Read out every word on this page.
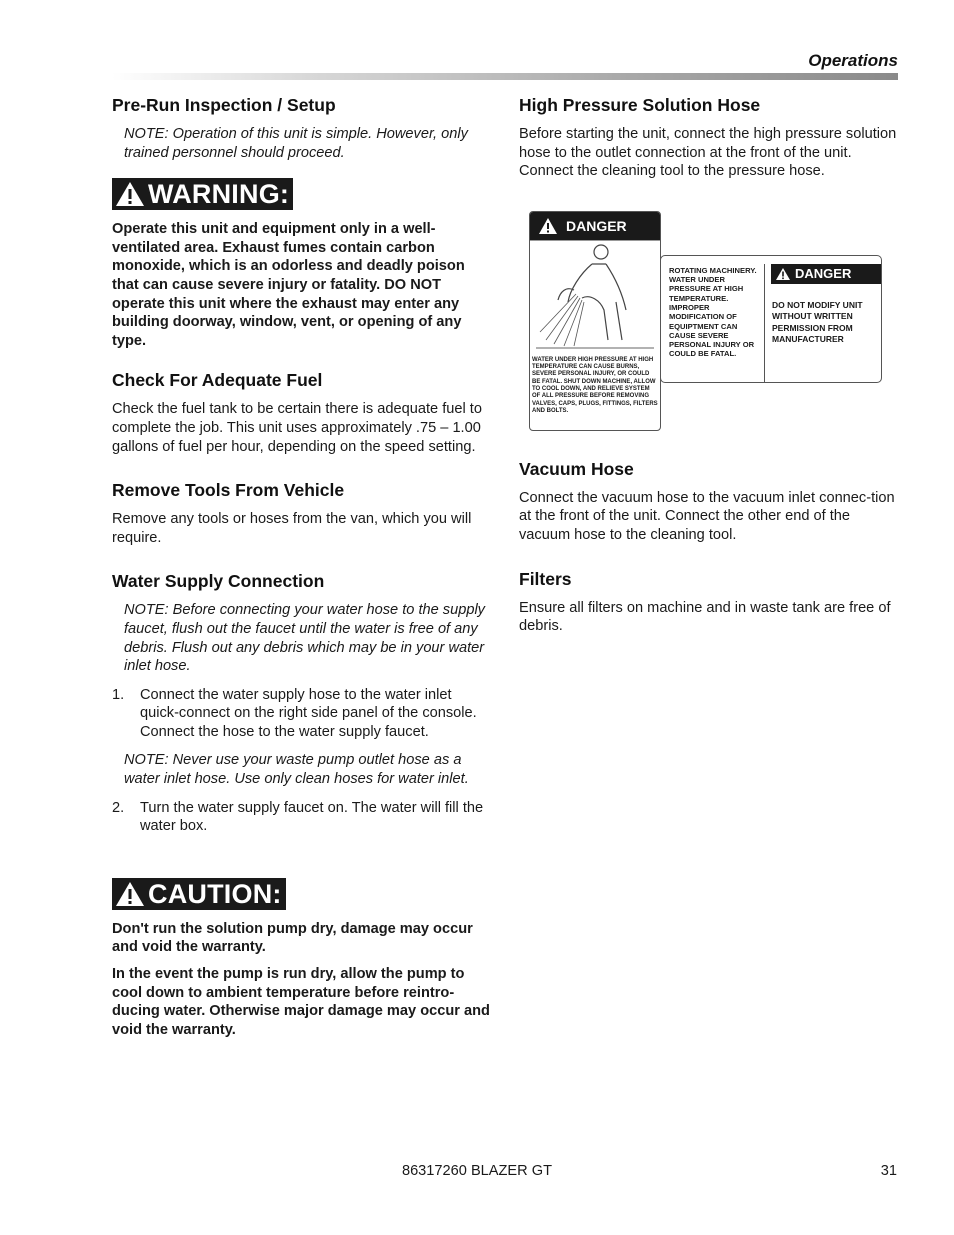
Operations
Pre-Run Inspection / Setup

NOTE: Operation of this unit is simple. However, only trained personnel should proceed.

WARNING:

Operate this unit and equipment only in a well-ventilated area. Exhaust fumes contain carbon monoxide, which is an odorless and deadly poison that can cause severe injury or fatality. DO NOT operate this unit where the exhaust may enter any building doorway, window, vent, or opening of any type.

Check For Adequate Fuel

Check the fuel tank to be certain there is adequate fuel to complete the job. This unit uses approximately .75 – 1.00 gallons of fuel per hour, depending on the speed setting.

Remove Tools From Vehicle

Remove any tools or hoses from the van, which you will require.

Water Supply Connection

NOTE: Before connecting your water hose to the supply faucet, flush out the faucet until the water is free of any debris. Flush out any debris which may be in your water inlet hose.

1. Connect the water supply hose to the water inlet quick-connect on the right side panel of the console. Connect the hose to the water supply faucet.

NOTE: Never use your waste pump outlet hose as a water inlet hose. Use only clean hoses for water inlet.

2. Turn the water supply faucet on. The water will fill the water box.
CAUTION:

Don't run the solution pump dry, damage may occur and void the warranty.

In the event the pump is run dry, allow the pump to cool down to ambient temperature before reintro-ducing water. Otherwise major damage may occur and void the warranty.

High Pressure Solution Hose

Before starting the unit, connect the high pressure solution hose to the outlet connection at the front of the unit. Connect the cleaning tool to the pressure hose.

DANGER
WATER UNDER HIGH PRESSURE AT HIGH TEMPERATURE CAN CAUSE BURNS, SEVERE PERSONAL INJURY, OR COULD BE FATAL. SHUT DOWN MACHINE, ALLOW TO COOL DOWN, AND RELIEVE SYSTEM OF ALL PRESSURE BEFORE REMOVING VALVES, CAPS, PLUGS, FITTINGS, FILTERS AND BOLTS.
ROTATING MACHINERY. WATER UNDER PRESSURE AT HIGH TEMPERATURE. IMPROPER MODIFICATION OF EQUIPTMENT CAN CAUSE SEVERE PERSONAL INJURY OR COULD BE FATAL.
DANGER
DO NOT MODIFY UNIT WITHOUT WRITTEN PERMISSION FROM MANUFACTURER
Vacuum Hose

Connect the vacuum hose to the vacuum inlet connec-tion at the front of the unit. Connect the other end of the vacuum hose to the cleaning tool.

Filters

Ensure all filters on machine and in waste tank are free of debris.

86317260 BLAZER GT	31
